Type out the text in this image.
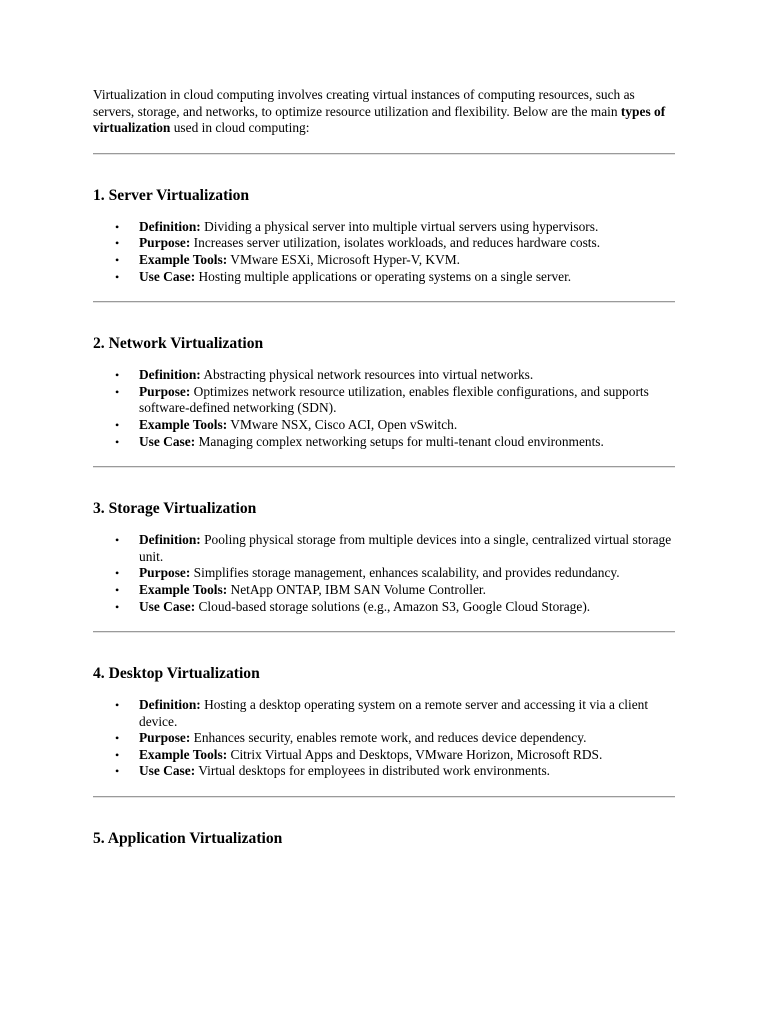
Virtualization in cloud computing involves creating virtual instances of computing resources, such as servers, storage, and networks, to optimize resource utilization and flexibility. Below are the main types of virtualization used in cloud computing:

1. Server Virtualization
• Definition: Dividing a physical server into multiple virtual servers using hypervisors.
• Purpose: Increases server utilization, isolates workloads, and reduces hardware costs.
• Example Tools: VMware ESXi, Microsoft Hyper-V, KVM.
• Use Case: Hosting multiple applications or operating systems on a single server.
2. Network Virtualization
• Definition: Abstracting physical network resources into virtual networks.
• Purpose: Optimizes network resource utilization, enables flexible configurations, and supports software-defined networking (SDN).
• Example Tools: VMware NSX, Cisco ACI, Open vSwitch.
• Use Case: Managing complex networking setups for multi-tenant cloud environments.
3. Storage Virtualization
• Definition: Pooling physical storage from multiple devices into a single, centralized virtual storage unit.
• Purpose: Simplifies storage management, enhances scalability, and provides redundancy.
• Example Tools: NetApp ONTAP, IBM SAN Volume Controller.
• Use Case: Cloud-based storage solutions (e.g., Amazon S3, Google Cloud Storage).
4. Desktop Virtualization
• Definition: Hosting a desktop operating system on a remote server and accessing it via a client device.
• Purpose: Enhances security, enables remote work, and reduces device dependency.
• Example Tools: Citrix Virtual Apps and Desktops, VMware Horizon, Microsoft RDS.
• Use Case: Virtual desktops for employees in distributed work environments.
5. Application Virtualization
